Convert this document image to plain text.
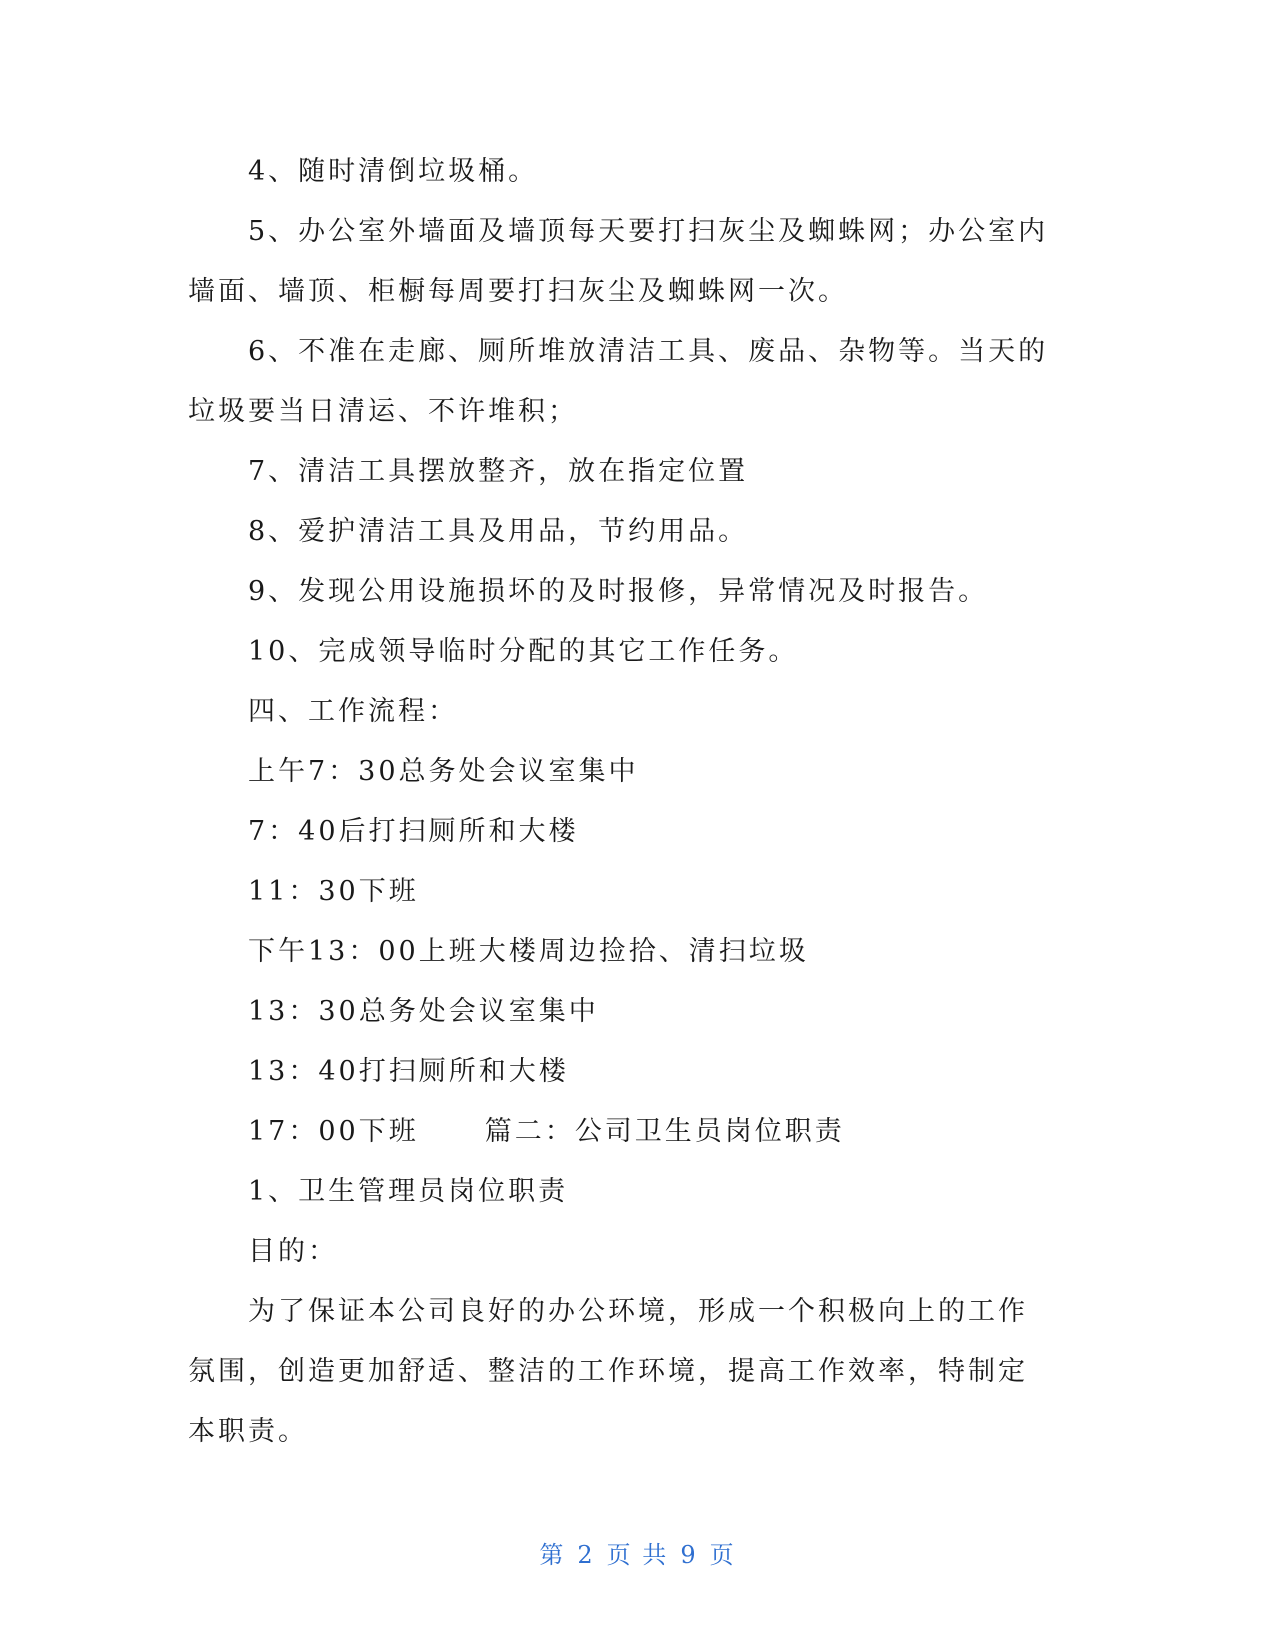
4、随时清倒垃圾桶。
5、办公室外墙面及墙顶每天要打扫灰尘及蜘蛛网；办公室内
墙面、墙顶、柜橱每周要打扫灰尘及蜘蛛网一次。
6、不准在走廊、厕所堆放清洁工具、废品、杂物等。当天的
垃圾要当日清运、不许堆积；
7、清洁工具摆放整齐，放在指定位置
8、爱护清洁工具及用品，节约用品。
9、发现公用设施损坏的及时报修，异常情况及时报告。
10、完成领导临时分配的其它工作任务。
四、工作流程：
上午7：30总务处会议室集中
7：40后打扫厕所和大楼
11：30下班
下午13：00上班大楼周边捡拾、清扫垃圾
13：30总务处会议室集中
13：40打扫厕所和大楼
17：00下班 篇二：公司卫生员岗位职责
1、卫生管理员岗位职责
目的：
为了保证本公司良好的办公环境，形成一个积极向上的工作
氛围，创造更加舒适、整洁的工作环境，提高工作效率，特制定
本职责。
第 2 页 共 9 页
